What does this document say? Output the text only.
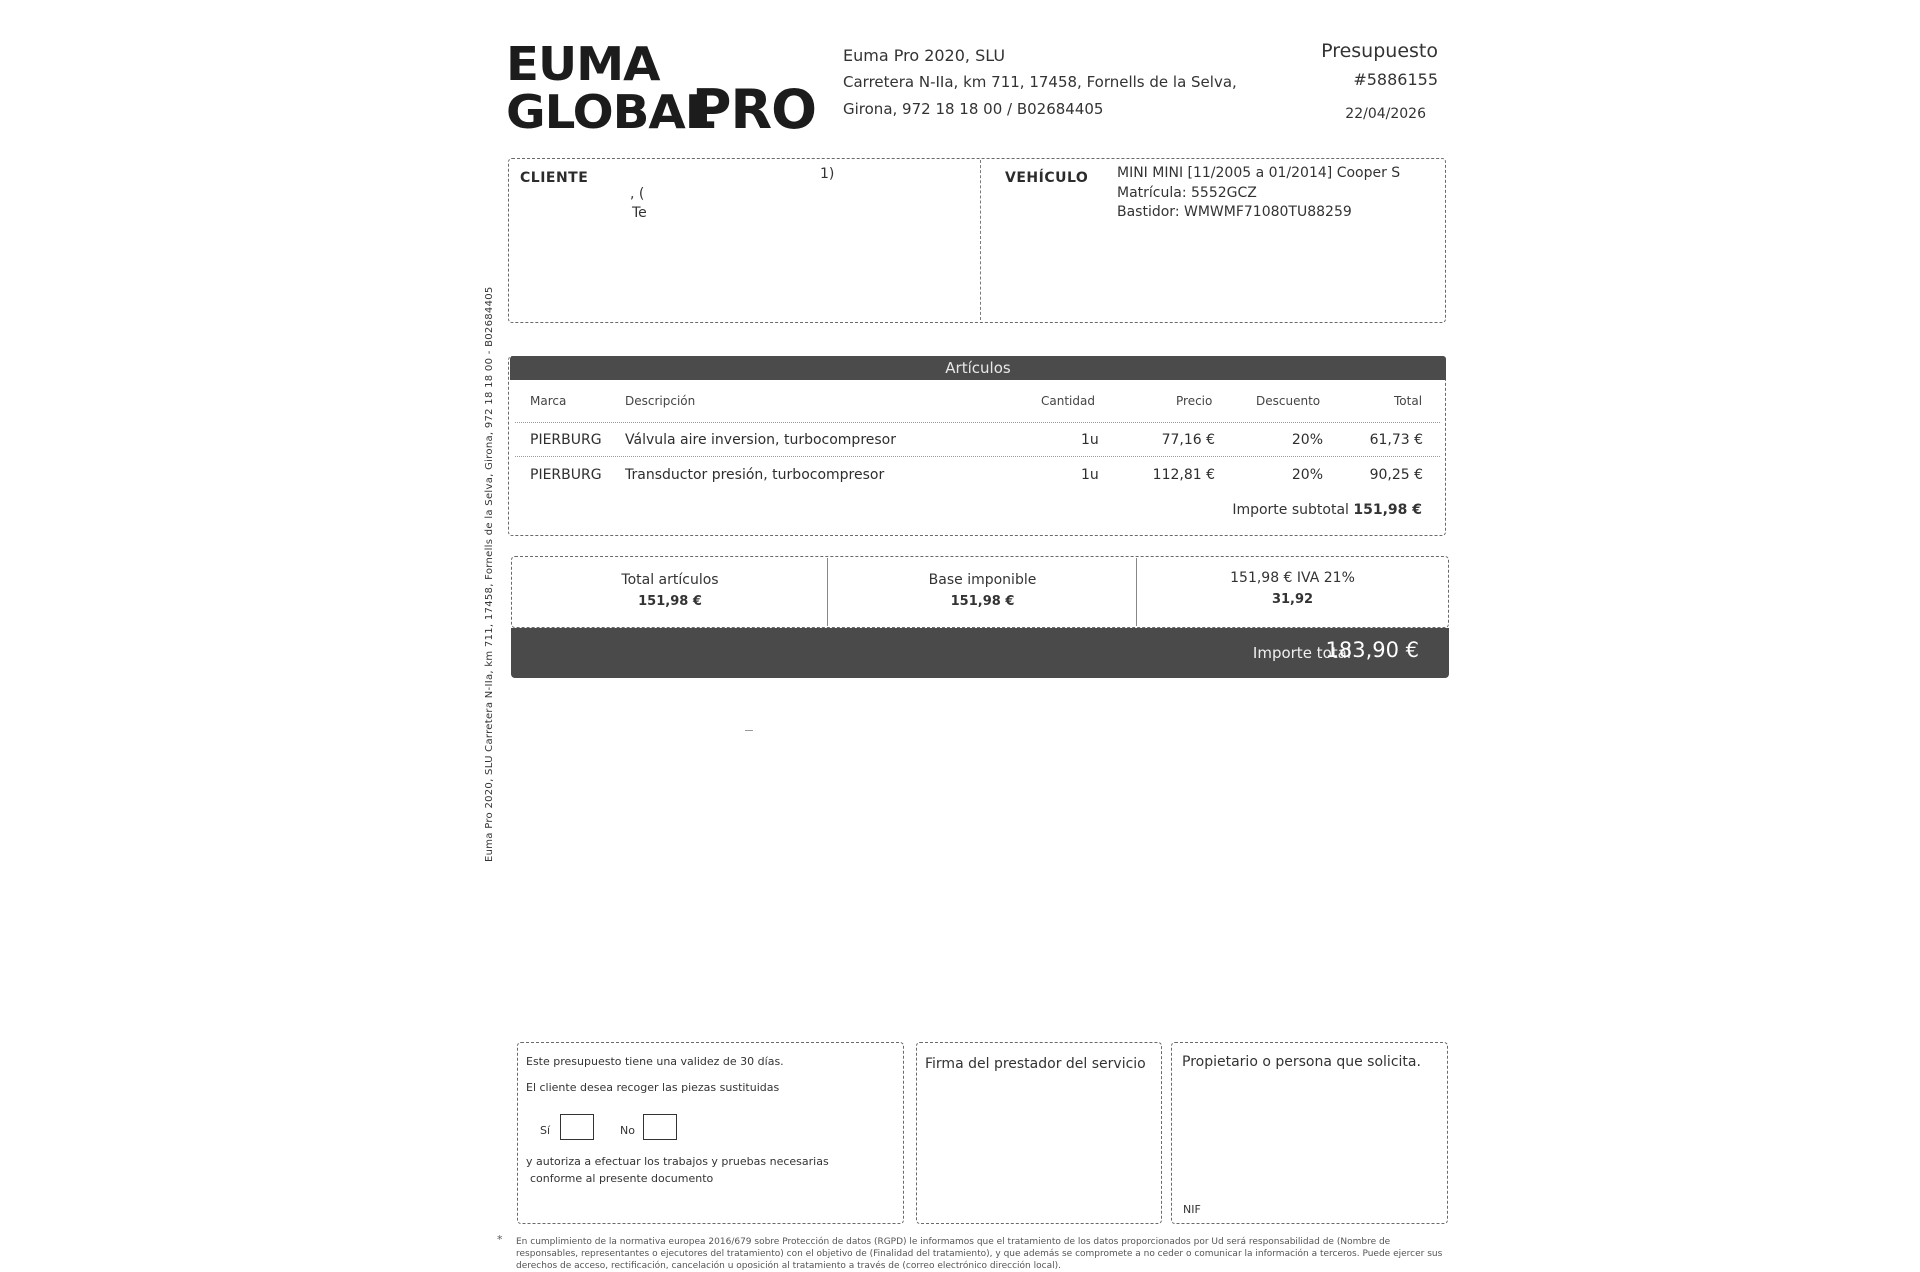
EUMA GLOBAL
PRO
Euma Pro 2020, SLU
Carretera N-IIa, km 711, 17458, Fornells de la Selva,
Girona, 972 18 18 00 / B02684405
Presupuesto
#5886155
22/04/2026
CLIENTE	1)
, (
Te
VEHÍCULO MINI MINI [11/2005 a 01/2014] Cooper S
Matrícula: 5552GCZ
Bastidor: WMWMF71080TU88259
Artículos
Marca	Descripción	Cantidad	Precio	Descuento	Total
PIERBURG Válvula aire inversion, turbocompresor	1u	77,16 €	20%	61,73 €
PIERBURG Transductor presión, turbocompresor	1u	112,81 €	20%	90,25 €
Importe subtotal 151,98 €
Total artículos
151,98 €
Base imponible
151,98 €
151,98 € IVA 21%
31,92
Importe total
183,90 €
Euma Pro 2020, SLU Carretera N-IIa, km 711, 17458, Fornells de la Selva, Girona, 972 18 18 00 - B02684405
Este presupuesto tiene una validez de 30 días.
El cliente desea recoger las piezas sustituidas
Sí	No
y autoriza a efectuar los trabajos y pruebas necesarias
conforme al presente documento
Firma del prestador del servicio	Propietario o persona que solicita.
NIF
* En cumplimiento de la normativa europea 2016/679 sobre Protección de datos (RGPD) le informamos que el tratamiento de los datos proporcionados por Ud será responsabilidad de (Nombre de responsables, representantes o ejecutores del tratamiento) con el objetivo de (Finalidad del tratamiento), y que además se compromete a no ceder o comunicar la información a terceros. Puede ejercer sus derechos de acceso, rectificación, cancelación u oposición al tratamiento a través de (correo electrónico dirección local).
